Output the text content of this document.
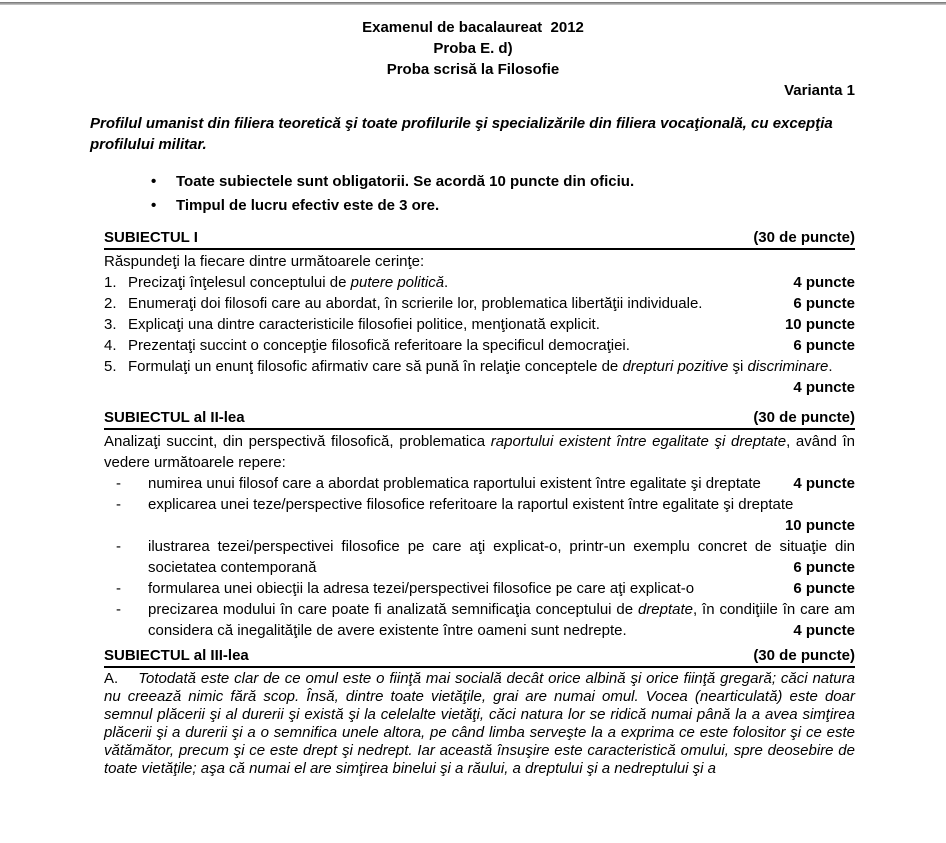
Examenul de bacalaureat  2012
Proba E. d)
Proba scrisă la Filosofie
Varianta 1
Profilul umanist din filiera teoretică şi toate profilurile şi specializările din filiera vocaţională, cu excepţia profilului militar.
•	Toate subiectele sunt obligatorii. Se acordă 10 puncte din oficiu.
•	Timpul de lucru efectiv este de 3 ore.
SUBIECTUL I	(30 de puncte)
Răspundeţi la fiecare dintre următoarele cerinţe:
1. Precizaţi înţelesul conceptului de putere politică.	4 puncte
2. Enumeraţi doi filosofi care au abordat, în scrierile lor, problematica libertăţii individuale.	6 puncte
3. Explicaţi una dintre caracteristicile filosofiei politice, menţionată explicit.	10 puncte
4. Prezentaţi succint o concepţie filosofică referitoare la specificul democraţiei.	6 puncte
5. Formulaţi un enunţ filosofic afirmativ care să pună în relaţie conceptele de drepturi pozitive şi discriminare.
4 puncte
SUBIECTUL al II-lea	(30 de puncte)
Analizaţi succint, din perspectivă filosofică, problematica raportului existent între egalitate şi dreptate, având în vedere următoarele repere:
-	numirea unui filosof care a abordat problematica raportului existent între egalitate şi dreptate	4 puncte
-	explicarea unei teze/perspective filosofice referitoare la raportul existent între egalitate şi dreptate
10 puncte
-	ilustrarea tezei/perspectivei filosofice pe care aţi explicat-o, printr-un exemplu concret de situaţie din societatea contemporană	6 puncte
-	formularea unei obiecţii la adresa tezei/perspectivei filosofice pe care aţi explicat-o	6 puncte
-	precizarea modului în care poate fi analizată semnificaţia conceptului de dreptate, în condiţiile în care am considera că inegalităţile de avere existente între oameni sunt nedrepte.	4 puncte
SUBIECTUL al III-lea	(30 de puncte)
A. Totodată este clar de ce omul este o fiinţă mai socială decât orice albină şi orice fiinţă gregară; căci natura nu creează nimic fără scop. Însă, dintre toate vietăţile, grai are numai omul. Vocea (nearticulată) este doar semnul plăcerii şi al durerii şi există şi la celelalte vietăţi, căci natura lor se ridică numai până la a avea simţirea plăcerii şi a durerii şi a o semnifica unele altora, pe când limba serveşte la a exprima ce este folositor şi ce este vătămător, precum şi ce este drept şi nedrept. Iar această însuşire este caracteristică omului, spre deosebire de toate vietăţile; aşa că numai el are simţirea binelui şi a răului, a dreptului şi a nedreptului şi a
